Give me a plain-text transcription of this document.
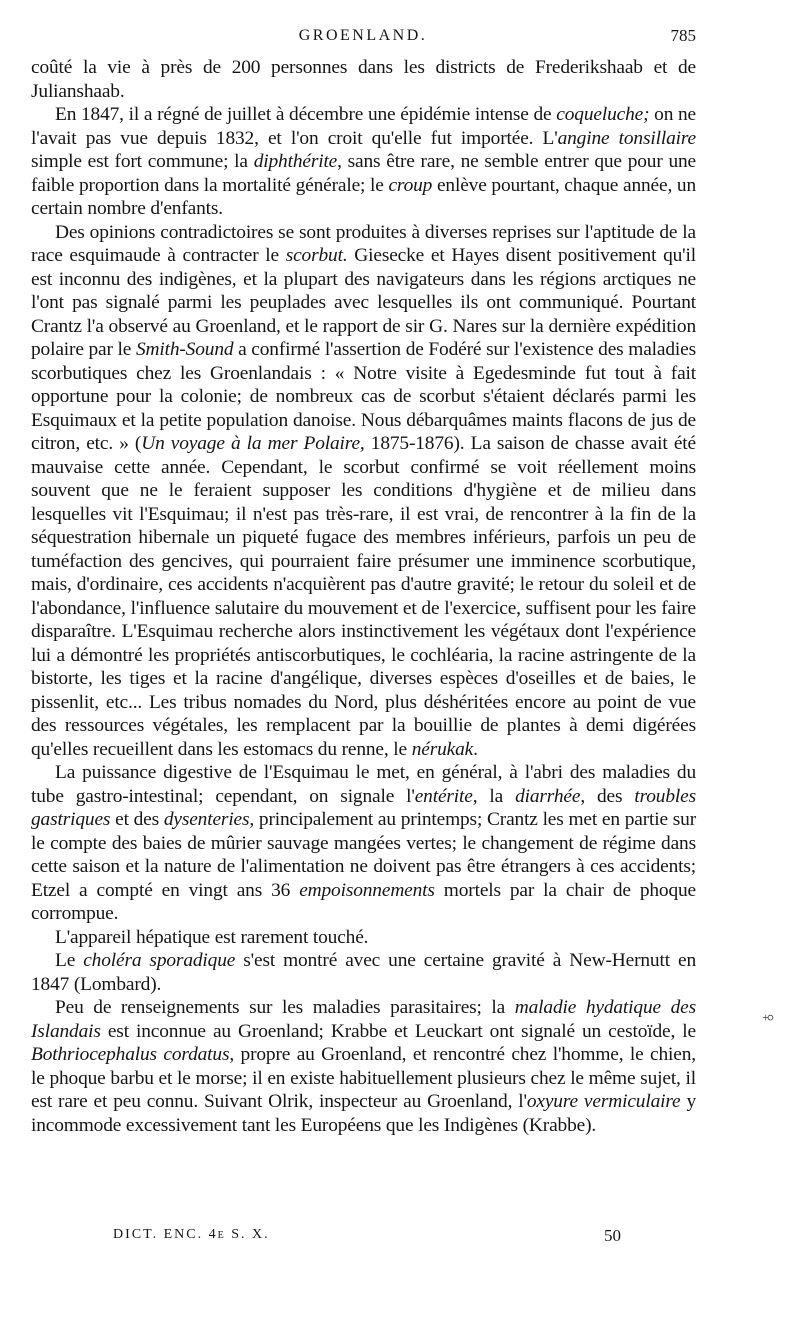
GROENLAND.	785

coûté la vie à près de 200 personnes dans les districts de Frederikshaab et de Julianshaab.

En 1847, il a régné de juillet à décembre une épidémie intense de coqueluche; on ne l'avait pas vue depuis 1832, et l'on croit qu'elle fut importée. L'angine tonsillaire simple est fort commune; la diphthérite, sans être rare, ne semble entrer que pour une faible proportion dans la mortalité générale; le croup enlève pourtant, chaque année, un certain nombre d'enfants.

Des opinions contradictoires se sont produites à diverses reprises sur l'aptitude de la race esquimaude à contracter le scorbut. Giesecke et Hayes disent positivement qu'il est inconnu des indigènes, et la plupart des navigateurs dans les régions arctiques ne l'ont pas signalé parmi les peuplades avec lesquelles ils ont communiqué. Pourtant Crantz l'a observé au Groenland, et le rapport de sir G. Nares sur la dernière expédition polaire par le Smith-Sound a confirmé l'assertion de Fodéré sur l'existence des maladies scorbutiques chez les Groenlandais : « Notre visite à Egedesminde fut tout à fait opportune pour la colonie; de nombreux cas de scorbut s'étaient déclarés parmi les Esquimaux et la petite population danoise. Nous débarquâmes maints flacons de jus de citron, etc. » (Un voyage à la mer Polaire, 1875-1876). La saison de chasse avait été mauvaise cette année. Cependant, le scorbut confirmé se voit réellement moins souvent que ne le feraient supposer les conditions d'hygiène et de milieu dans lesquelles vit l'Esquimau; il n'est pas très-rare, il est vrai, de rencontrer à la fin de la séquestration hibernale un piqueté fugace des membres inférieurs, parfois un peu de tuméfaction des gencives, qui pourraient faire présumer une imminence scorbutique, mais, d'ordinaire, ces accidents n'acquièrent pas d'autre gravité; le retour du soleil et de l'abondance, l'influence salutaire du mouvement et de l'exercice, suffisent pour les faire disparaître. L'Esquimau recherche alors instinctivement les végétaux dont l'expérience lui a démontré les propriétés antiscorbutiques, le cochléaria, la racine astringente de la bistorte, les tiges et la racine d'angélique, diverses espèces d'oseilles et de baies, le pissenlit, etc... Les tribus nomades du Nord, plus déshéritées encore au point de vue des ressources végétales, les remplacent par la bouillie de plantes à demi digérées qu'elles recueillent dans les estomacs du renne, le nérukak.

La puissance digestive de l'Esquimau le met, en général, à l'abri des maladies du tube gastro-intestinal; cependant, on signale l'entérite, la diarrhée, des troubles gastriques et des dysenteries, principalement au printemps; Crantz les met en partie sur le compte des baies de mûrier sauvage mangées vertes; le changement de régime dans cette saison et la nature de l'alimentation ne doivent pas être étrangers à ces accidents; Etzel a compté en vingt ans 36 empoisonnements mortels par la chair de phoque corrompue.

L'appareil hépatique est rarement touché.

Le choléra sporadique s'est montré avec une certaine gravité à New-Hernutt en 1847 (Lombard).

Peu de renseignements sur les maladies parasitaires; la maladie hydatique des Islandais est inconnue au Groenland; Krabbe et Leuckart ont signalé un cestoïde, le Bothriocephalus cordatus, propre au Groenland, et rencontré chez l'homme, le chien, le phoque barbu et le morse; il en existe habituellement plusieurs chez le même sujet, il est rare et peu connu. Suivant Olrik, inspecteur au Groenland, l'oxyure vermiculaire y incommode excessivement tant les Européens que les Indigènes (Krabbe).

♀
DICT. ENC. 4e S. X.	50
